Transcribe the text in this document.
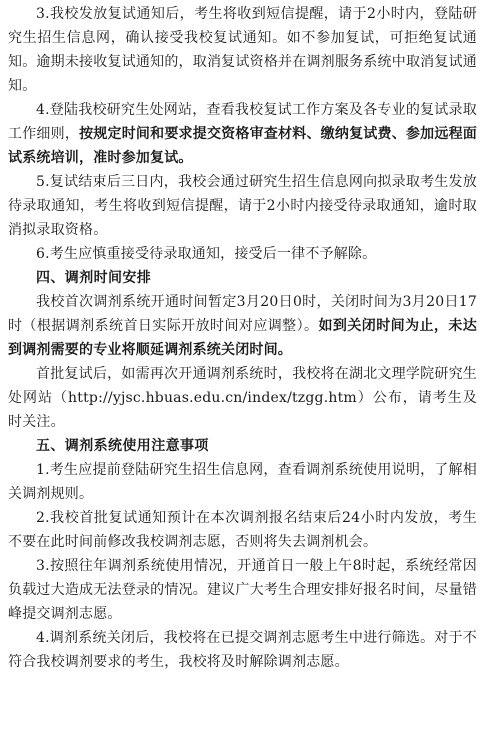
3.我校发放复试通知后，考生将收到短信提醒，请于2小时内，登陆研究生招生信息网，确认接受我校复试通知。如不参加复试，可拒绝复试通知。逾期未接收复试通知的，取消复试资格并在调剂服务系统中取消复试通知。

4.登陆我校研究生处网站，查看我校复试工作方案及各专业的复试录取工作细则，按规定时间和要求提交资格审查材料、缴纳复试费、参加远程面试系统培训，准时参加复试。

5.复试结束后三日内，我校会通过研究生招生信息网向拟录取考生发放待录取通知，考生将收到短信提醒，请于2小时内接受待录取通知，逾时取消拟录取资格。

6.考生应慎重接受待录取通知，接受后一律不予解除。

四、调剂时间安排

我校首次调剂系统开通时间暂定3月20日0时，关闭时间为3月20日17时（根据调剂系统首日实际开放时间对应调整）。如到关闭时间为止，未达到调剂需要的专业将顺延调剂系统关闭时间。

首批复试后，如需再次开通调剂系统时，我校将在湖北文理学院研究生处网站（http://yjsc.hbuas.edu.cn/index/tzgg.htm）公布，请考生及时关注。

五、调剂系统使用注意事项

1.考生应提前登陆研究生招生信息网，查看调剂系统使用说明，了解相关调剂规则。

2.我校首批复试通知预计在本次调剂报名结束后24小时内发放，考生不要在此时间前修改我校调剂志愿，否则将失去调剂机会。

3.按照往年调剂系统使用情况，开通首日一般上午8时起，系统经常因负载过大造成无法登录的情况。建议广大考生合理安排好报名时间，尽量错峰提交调剂志愿。

4.调剂系统关闭后，我校将在已提交调剂志愿考生中进行筛选。对于不符合我校调剂要求的考生，我校将及时解除调剂志愿。
